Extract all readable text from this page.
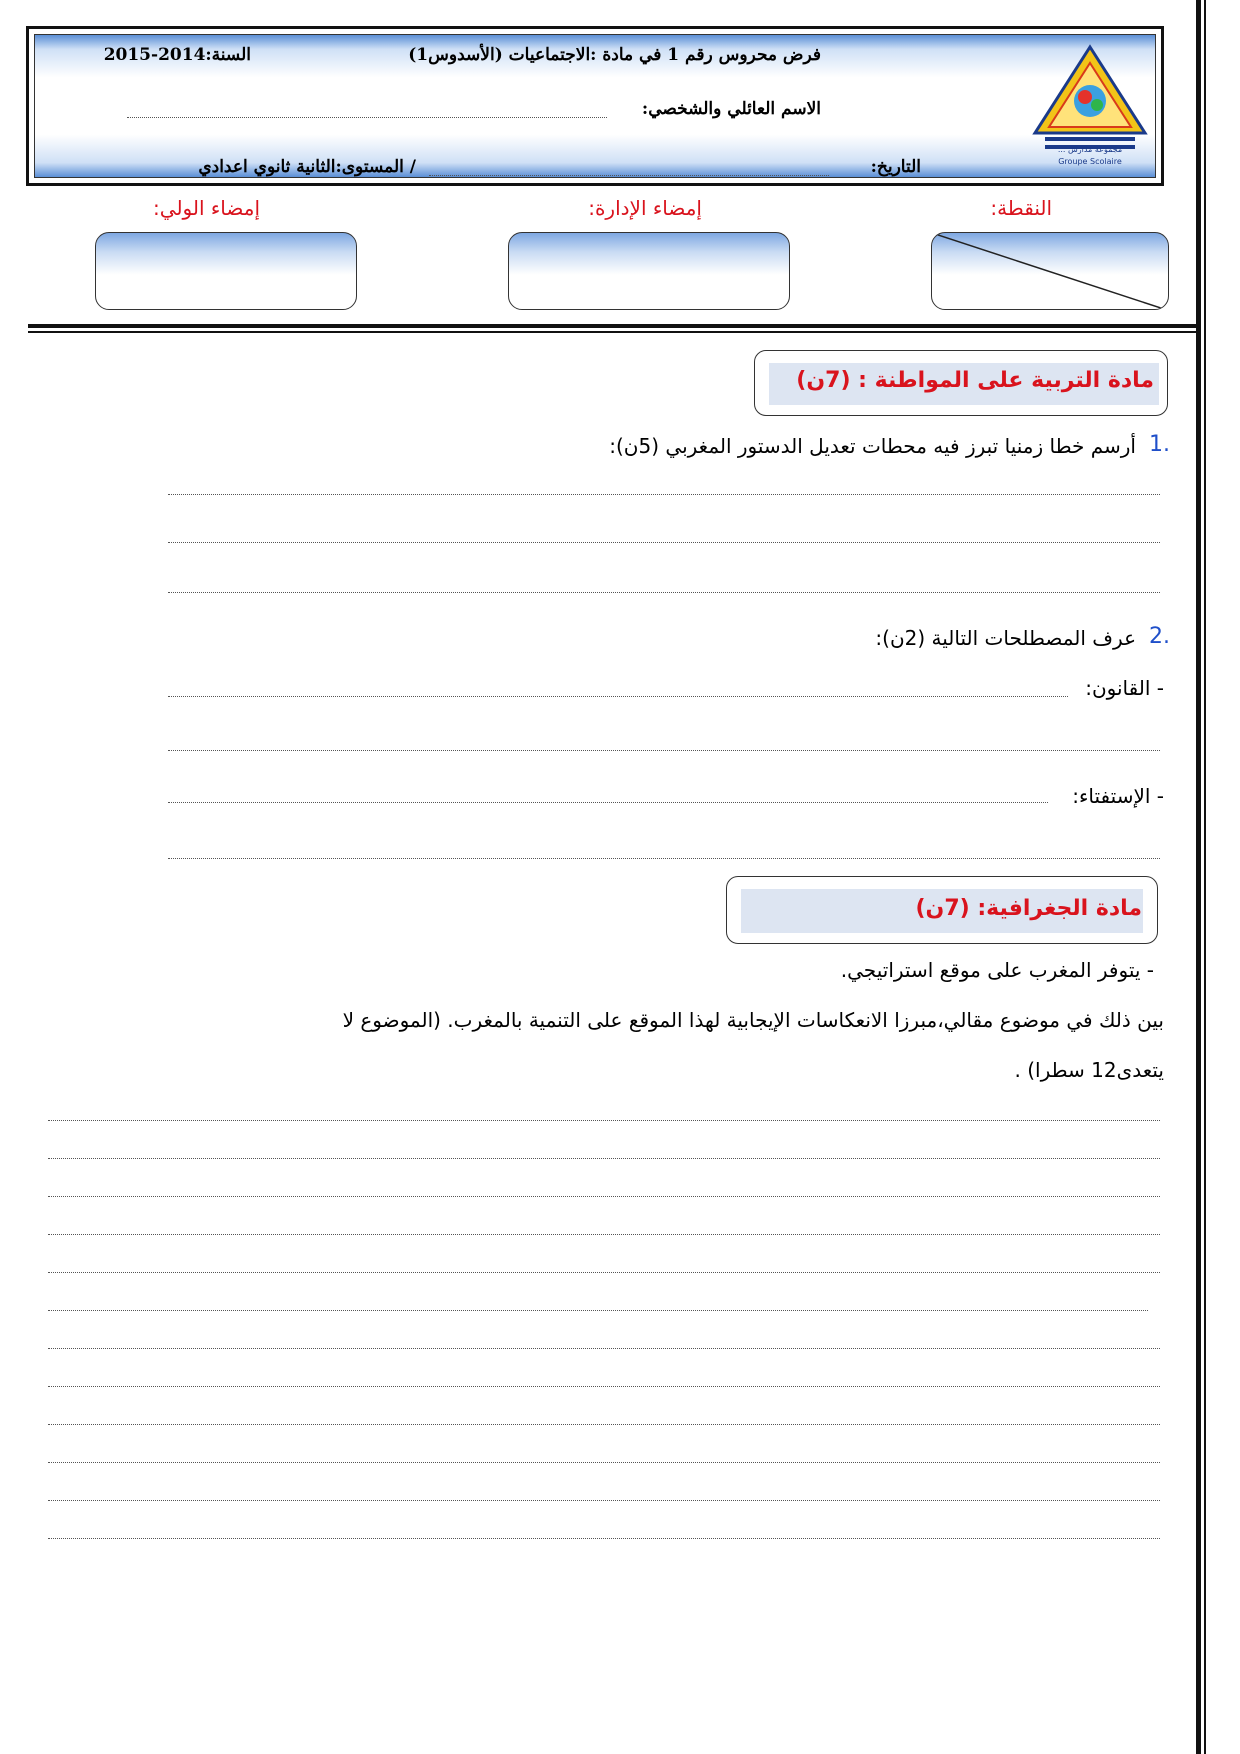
مجموعة مدارس ...
Groupe Scolaire
فرض محروس رقم 1 في مادة :الاجتماعيات (الأسدوس1)
السنة:2014-2015
الاسم العائلي والشخصي:
التاريخ:
/ المستوى:الثانية ثانوي اعدادي
النقطة:
إمضاء الإدارة:
إمضاء الولي:
مادة التربية على المواطنة : (7ن)
1.
أرسم خطا زمنيا تبرز فيه محطات تعديل الدستور المغربي (5ن):
2.
عرف المصطلحات التالية (2ن):
- القانون:
- الإستفتاء:
مادة الجغرافية: (7ن)
- يتوفر المغرب على موقع استراتيجي.
بين ذلك في موضوع مقالي،مبرزا الانعكاسات الإيجابية لهذا الموقع على التنمية بالمغرب. (الموضوع لا
يتعدى12 سطرا) .
